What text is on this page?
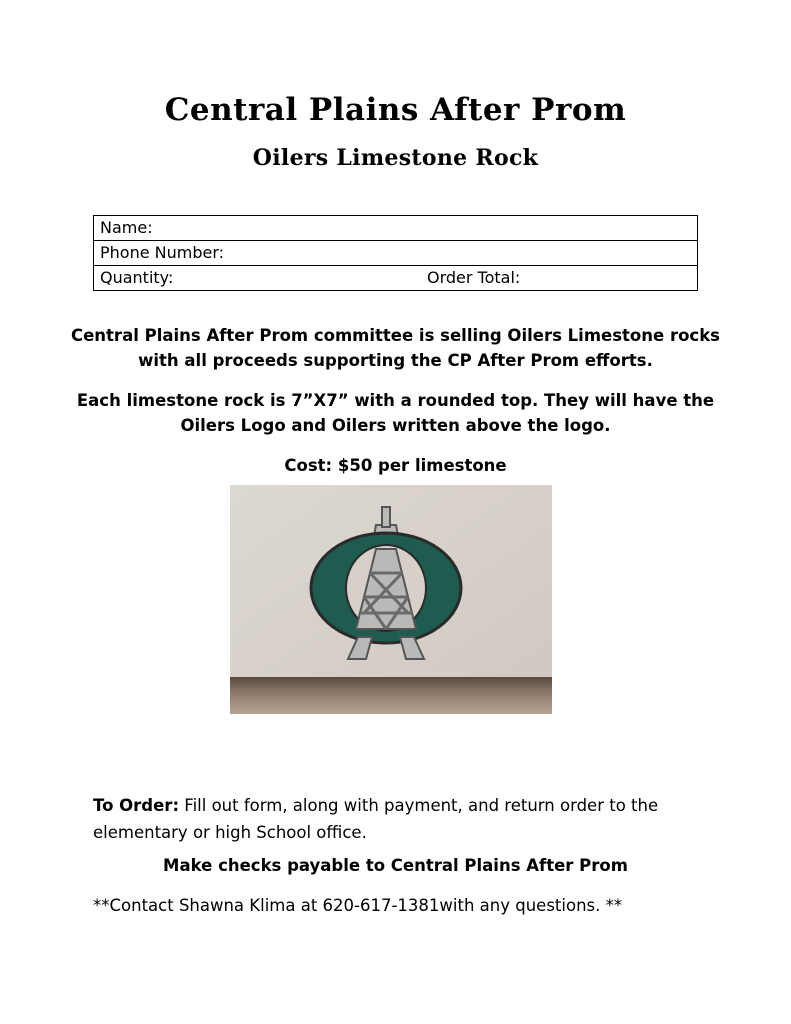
Central Plains After Prom
Oilers Limestone Rock
Name:
Phone Number:
Quantity:	Order Total:
Central Plains After Prom committee is selling Oilers Limestone rocks
with all proceeds supporting the CP After Prom efforts.
Each limestone rock is 7”X7” with a rounded top. They will have the
Oilers Logo and Oilers written above the logo.
Cost: $50 per limestone
To Order: Fill out form, along with payment, and return order to the
elementary or high School office.
Make checks payable to Central Plains After Prom
**Contact Shawna Klima at 620-617-1381with any questions. **
